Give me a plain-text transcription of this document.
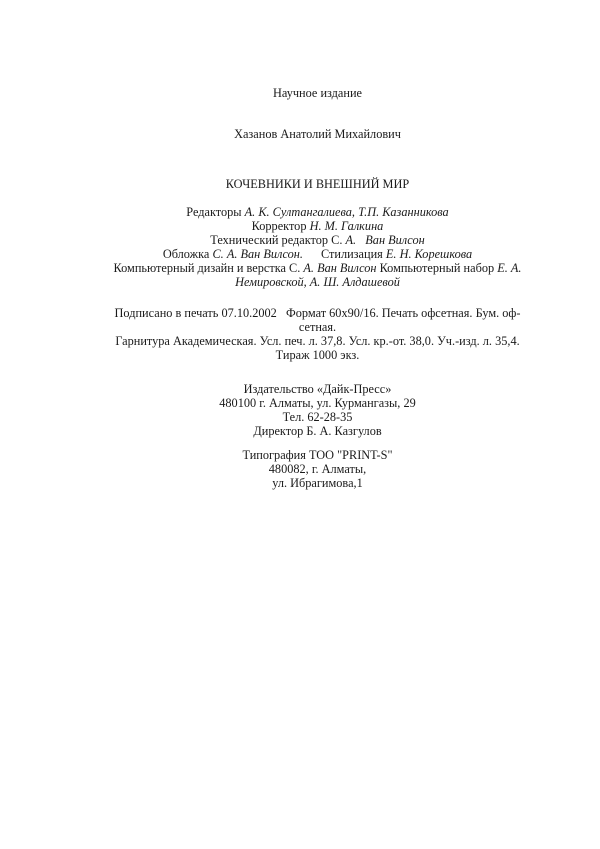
Научное издание
Хазанов Анатолий Михайлович
КОЧЕВНИКИ И ВНЕШНИЙ МИР
Редакторы А. К. Султангалиева, Т.П. Казанникова
Корректор Н. М. Галкина
Технический редактор С. А.   Ван Вилсон
Обложка С. А. Ван Вилсон. Стилизация Е. Н. Корешкова
Компьютерный дизайн и верстка С. А. Ван Вилсон Компьютерный набор Е. А.
Немировской, А. Ш. Алдашевой
Подписано в печать 07.10.2002   Формат 60x90/16. Печать офсетная. Бум. оф-
сетная.
Гарнитура Академическая. Усл. печ. л. 37,8. Усл. кр.-от. 38,0. Уч.-изд. л. 35,4.
Тираж 1000 экз.
Издательство «Дайк-Пресс»
480100 г. Алматы, ул. Курмангазы, 29
Тел. 62-28-35
Директор Б. А. Казгулов
Типография ТОО "PRINT-S"
480082, г. Алматы,
ул. Ибрагимова,1
